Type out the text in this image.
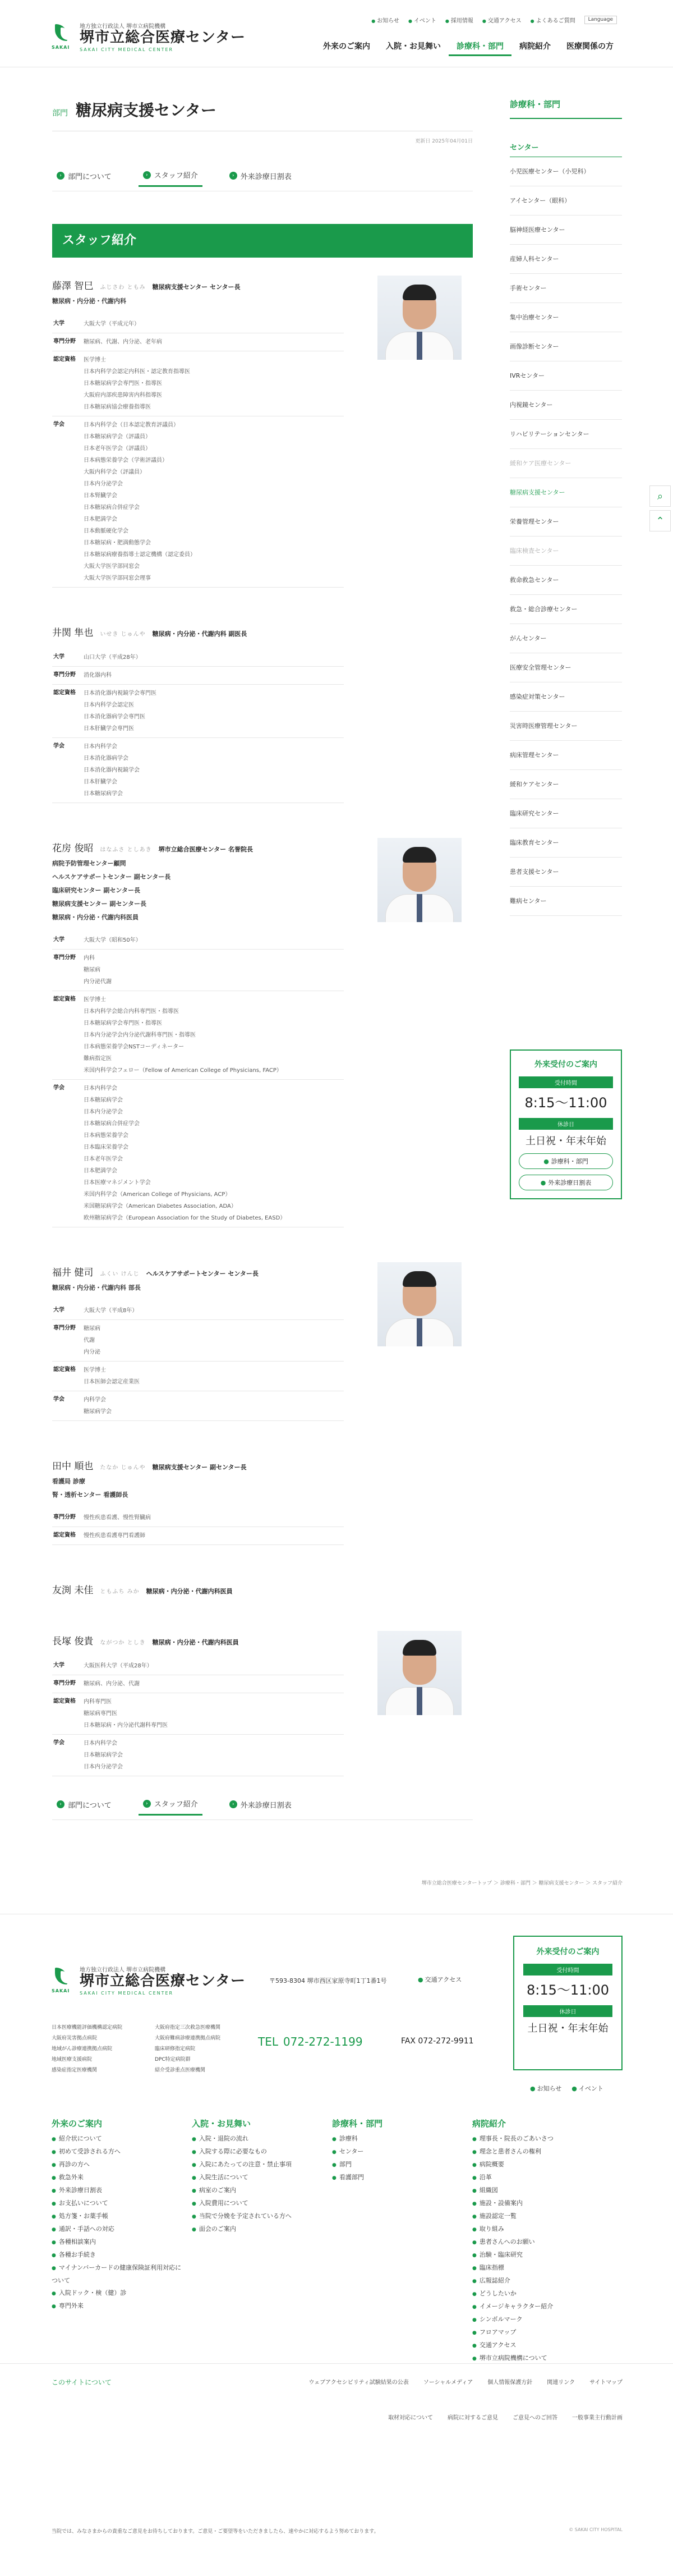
SAKAI
地方独立行政法人 堺市立病院機構
堺市立総合医療センター
SAKAI CITY MEDICAL CENTER
● お知らせ	● イベント	● 採用情報	● 交通アクセス	● よくあるご質問	Language
外来のご案内	入院・お見舞い	診療科・部門	病院紹介	医療関係の方
部門 糖尿病支援センター
更新日 2025年04月01日
› 部門について	› スタッフ紹介	› 外来診療日割表
スタッフ紹介
藤澤 智巳 ふじさわ ともみ 糖尿病支援センター センター長
糖尿病・内分泌・代謝内科
大学	大阪大学（平成元年）
専門分野	糖尿病、代謝、内分泌、老年病
認定資格	医学博士
日本内科学会認定内科医・認定教育指導医
日本糖尿病学会専門医・指導医
大阪府内部疾患障害内科指導医
日本糖尿病協会療養指導医
学会	日本内科学会（日本認定教育評議員）
日本糖尿病学会（評議員）
日本老年医学会（評議員）
日本病態栄養学会（学術評議員）
大阪内科学会（評議員）
日本内分泌学会
日本腎臓学会
日本糖尿病合併症学会
日本肥満学会
日本動脈硬化学会
日本糖尿病・肥満動態学会
日本糖尿病療養指導士認定機構（認定委員）
大阪大学医学部同窓会
大阪大学医学部同窓会理事
井関 隼也 いせき じゅんや 糖尿病・内分泌・代謝内科 副医長
大学	山口大学（平成28年）
専門分野	消化器内科
認定資格	日本消化器内視鏡学会専門医
日本内科学会認定医
日本消化器病学会専門医
日本肝臓学会専門医
学会	日本内科学会
日本消化器病学会
日本消化器内視鏡学会
日本肝臓学会
日本糖尿病学会
花房 俊昭 はなふさ としあき 堺市立総合医療センター 名誉院長
病院予防管理センター顧問
ヘルスケアサポートセンター 副センター長
臨床研究センター 副センター長
糖尿病支援センター 副センター長
糖尿病・内分泌・代謝内科医員
大学	大阪大学（昭和50年）
専門分野	内科
糖尿病
内分泌代謝
認定資格	医学博士
日本内科学会総合内科専門医・指導医
日本糖尿病学会専門医・指導医
日本内分泌学会内分泌代謝科専門医・指導医
日本病態栄養学会NSTコーディネーター
難病指定医
米国内科学会フェロー（Fellow of American College of Physicians, FACP）
学会	日本内科学会
日本糖尿病学会
日本内分泌学会
日本糖尿病合併症学会
日本病態栄養学会
日本臨床栄養学会
日本老年医学会
日本肥満学会
日本医療マネジメント学会
米国内科学会（American College of Physicians, ACP）
米国糖尿病学会（American Diabetes Association, ADA）
欧州糖尿病学会（European Association for the Study of Diabetes, EASD）
福井 健司 ふくい けんじ ヘルスケアサポートセンター センター長
糖尿病・内分泌・代謝内科 部長
大学	大阪大学（平成8年）
専門分野	糖尿病
代謝
内分泌
認定資格	医学博士
日本医師会認定産業医
学会	内科学会
糖尿病学会
田中 順也 たなか じゅんや 糖尿病支援センター 副センター長
看護局 診療
腎・透析センター 看護師長
専門分野	慢性疾患看護、慢性腎臓病
認定資格	慢性疾患看護専門看護師
友渕 未佳 ともふち みか 糖尿病・内分泌・代謝内科医員
長塚 俊貴 ながつか としき 糖尿病・内分泌・代謝内科医員
大学	大阪医科大学（平成28年）
専門分野	糖尿病、内分泌、代謝
認定資格	内科専門医
糖尿病専門医
日本糖尿病・内分泌代謝科専門医
学会	日本内科学会
日本糖尿病学会
日本内分泌学会
診療科・部門
センター
小児医療センター（小児科）
アイセンター（眼科）
脳神経医療センター
産婦人科センター
手術センター
集中治療センター
画像診断センター
IVRセンター
内視鏡センター
リハビリテーションセンター
緩和ケア医療センター
糖尿病支援センター
栄養管理センター
臨床検査センター
救命救急センター
救急・総合診療センター
がんセンター
医療安全管理センター
感染症対策センター
災害時医療管理センター
病床管理センター
緩和ケアセンター
臨床研究センター
臨床教育センター
患者支援センター
難病センター
⌕
⌃
外来受付のご案内
受付時間
8:15〜11:00
休診日
土日祝・年末年始
● 診療科・部門
● 外来診療日割表
› 部門について	› スタッフ紹介	› 外来診療日割表
堺市立総合医療センタートップ ＞ 診療科・部門 ＞ 糖尿病支援センター ＞ スタッフ紹介
SAKAI
地方独立行政法人 堺市立病院機構
堺市立総合医療センター
SAKAI CITY MEDICAL CENTER
〒593-8304 堺市西区家原寺町1丁1番1号	● 交通アクセス
日本医療機能評価機構認定病院	大阪府指定三次救急医療機関
大阪府災害拠点病院	大阪府難病診療連携拠点病院
地域がん診療連携拠点病院	臨床研修指定病院
地域医療支援病院	DPC特定病院群
感染症指定医療機関	紹介受診重点医療機関
TEL 072-272-1199	FAX 072-272-9911
外来受付のご案内
受付時間
8:15〜11:00
休診日
土日祝・年末年始
● お知らせ	● イベント
外来のご案内
● 紹介状について
● 初めて受診される方へ
● 再診の方へ
● 救急外来
● 外来診療日割表
● お支払いについて
● 処方箋・お薬手帳
● 通訳・手話への対応
● 各種相談案内
● 各種お手続き
● マイナンバーカードの健康保険証利用対応について
● 入院ドック・検（健）診
● 専門外来
入院・お見舞い
● 入院・退院の流れ
● 入院する際に必要なもの
● 入院にあたっての注意・禁止事項
● 入院生活について
● 病室のご案内
● 入院費用について
● 当院で分娩を予定されている方へ
● 面会のご案内
診療科・部門
● 診療科
● センター
● 部門
● 看護部門
病院紹介
● 理事長・院長のごあいさつ
● 理念と患者さんの権利
● 病院概要
● 沿革
● 組織図
● 施設・設備案内
● 施設認定一覧
● 取り組み
● 患者さんへのお願い
● 治験・臨床研究
● 臨床指標
● 広報誌紹介
● どうしたいか
● イメージキャラクター紹介
● シンボルマーク
● フロアマップ
● 交通アクセス
● 堺市立病院機構について
このサイトについて	ウェブアクセシビリティ試験結果の公表	ソーシャルメディア	個人情報保護方針	関連リンク	サイトマップ
取材対応について	病院に対するご意見	ご意見へのご回答	一般事業主行動計画
当院では、みなさまからの貴重なご意見をお待ちしております。ご意見・ご要望等をいただきましたら、速やかに対応するよう努めております。	© SAKAI CITY HOSPITAL
